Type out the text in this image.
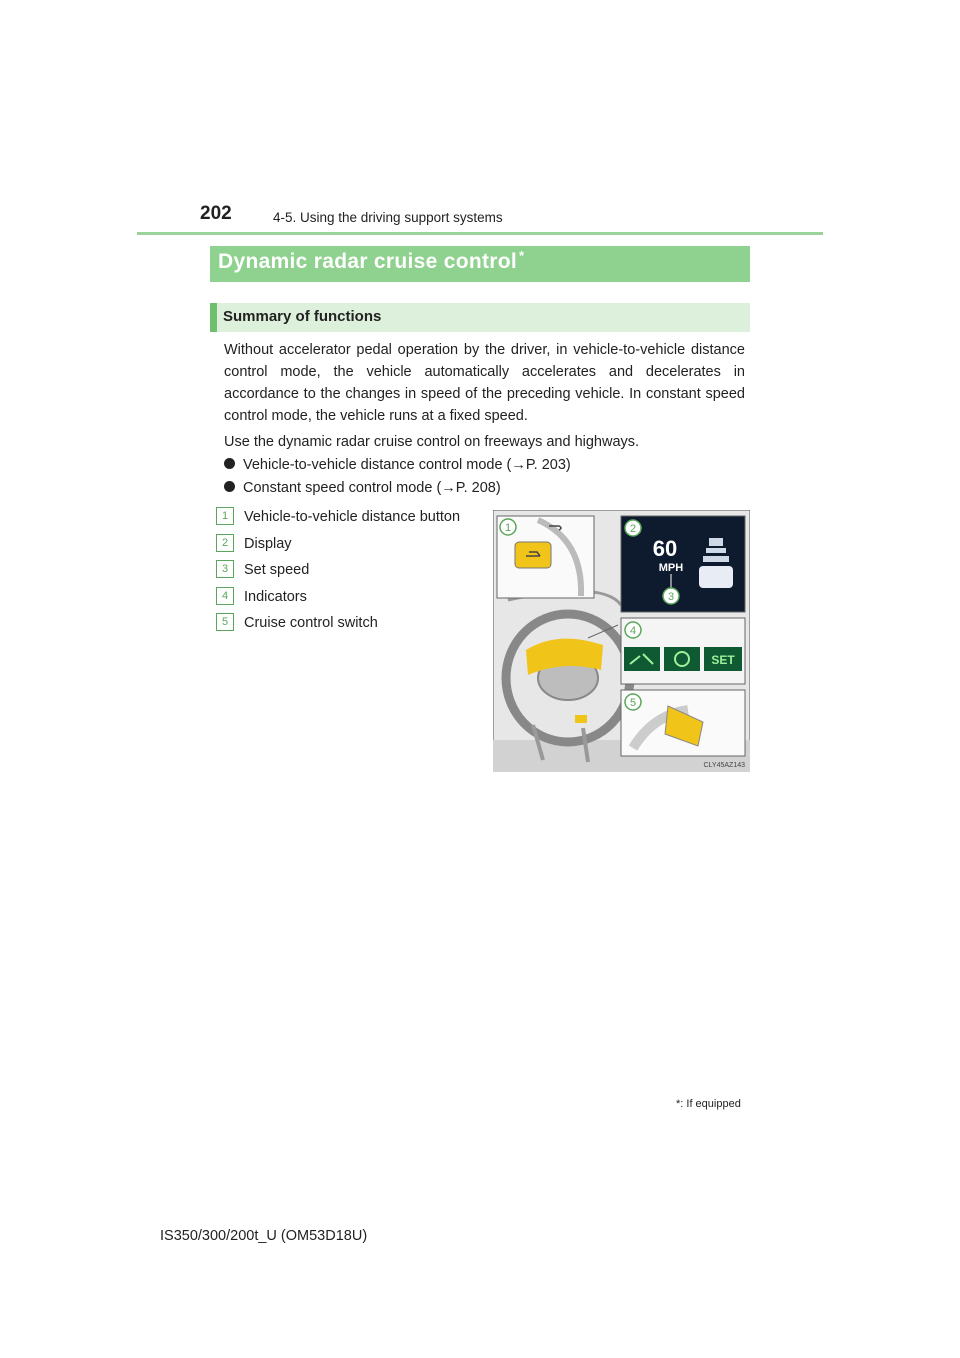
202	4-5. Using the driving support systems
Dynamic radar cruise control *
Summary of functions
Without accelerator pedal operation by the driver, in vehicle-to-vehicle distance control mode, the vehicle automatically accelerates and decelerates in accordance to the changes in speed of the preceding vehicle. In constant speed control mode, the vehicle runs at a fixed speed.
Use the dynamic radar cruise control on freeways and highways.
Vehicle-to-vehicle distance control mode (→P. 203)
Constant speed control mode (→P. 208)
1 Vehicle-to-vehicle distance button
2 Display
3 Set speed
4 Indicators
5 Cruise control switch
1
60
MPH
2
3
SET
4
5
CLY45AZ143
*: If equipped
IS350/300/200t_U (OM53D18U)
